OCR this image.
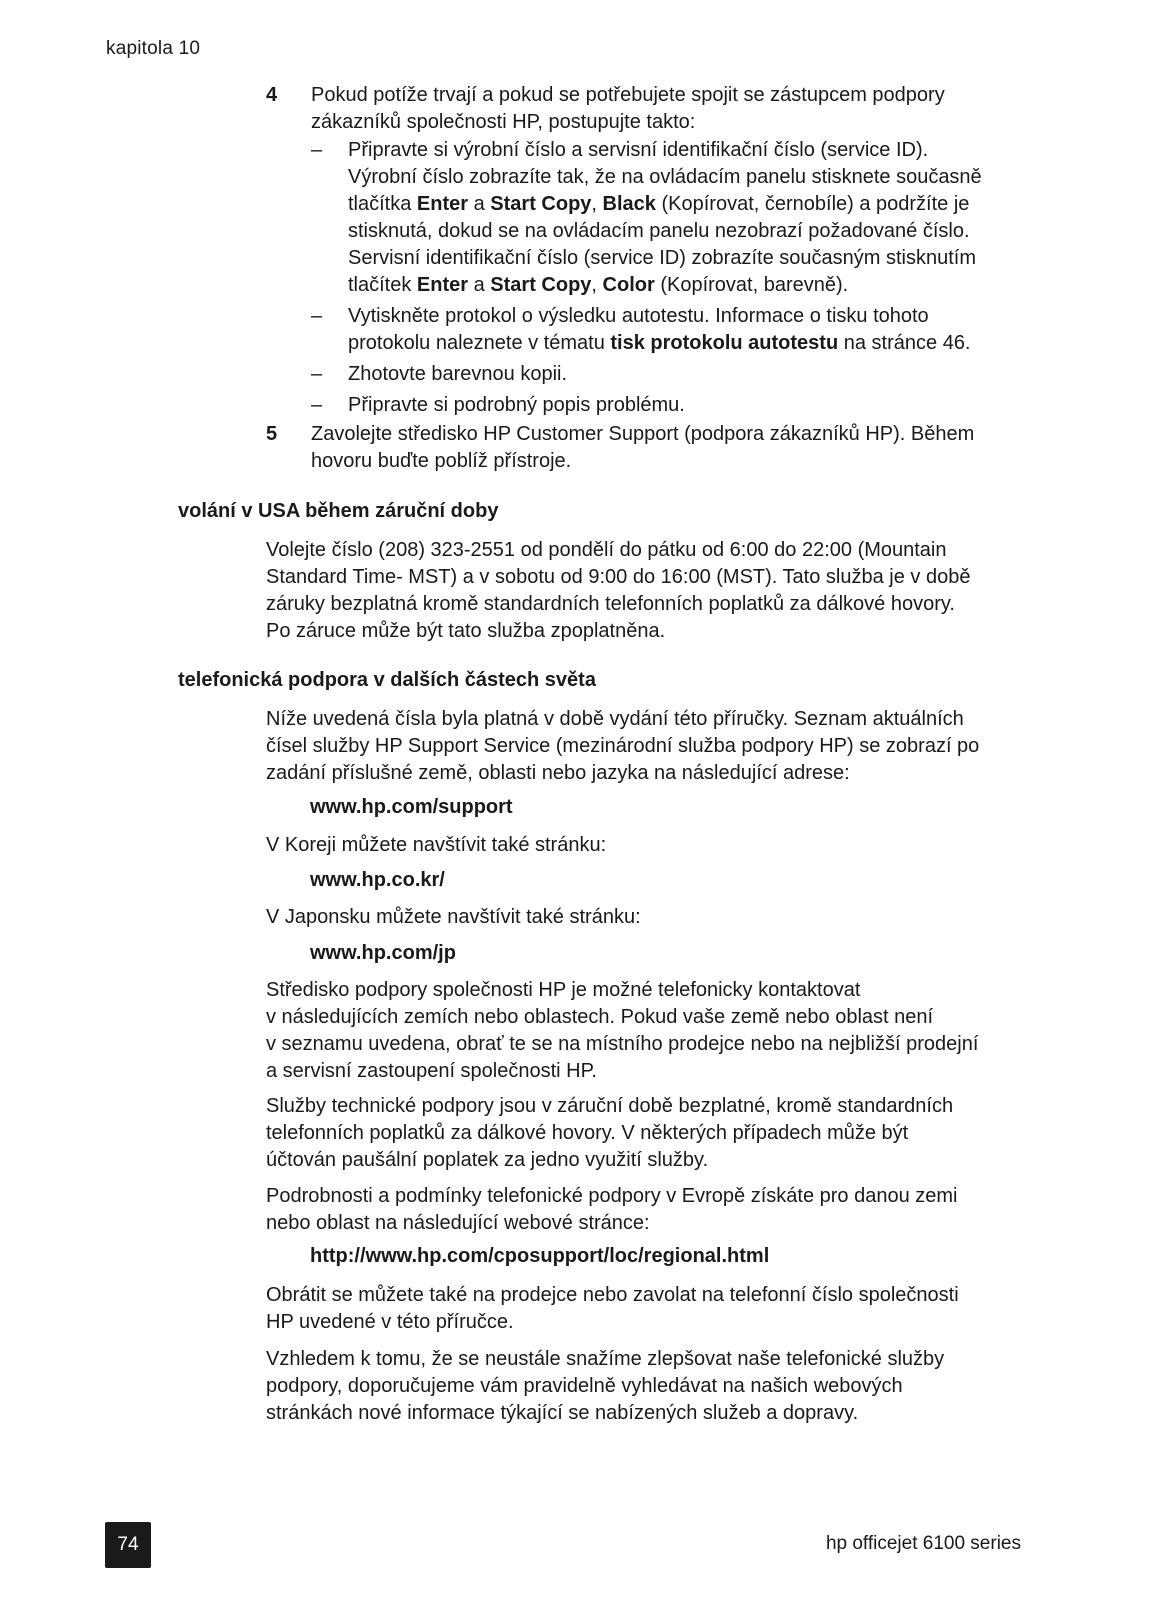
kapitola 10
4 Pokud potíže trvají a pokud se potřebujete spojit se zástupcem podpory
zákazníků společnosti HP, postupujte takto:
– Připravte si výrobní číslo a servisní identifikační číslo (service ID).
Výrobní číslo zobrazíte tak, že na ovládacím panelu stisknete současně
tlačítka Enter a Start Copy, Black (Kopírovat, černobíle) a podržíte je
stisknutá, dokud se na ovládacím panelu nezobrazí požadované číslo.
Servisní identifikační číslo (service ID) zobrazíte současným stisknutím
tlačítek Enter a Start Copy, Color (Kopírovat, barevně).
– Vytiskněte protokol o výsledku autotestu. Informace o tisku tohoto
protokolu naleznete v tématu tisk protokolu autotestu na stránce 46.
– Zhotovte barevnou kopii.
– Připravte si podrobný popis problému.
5 Zavolejte středisko HP Customer Support (podpora zákazníků HP). Během
hovoru buďte poblíž přístroje.
volání v USA během záruční doby
Volejte číslo (208) 323-2551 od pondělí do pátku od 6:00 do 22:00 (Mountain
Standard Time- MST) a v sobotu od 9:00 do 16:00 (MST). Tato služba je v době
záruky bezplatná kromě standardních telefonních poplatků za dálkové hovory.
Po záruce může být tato služba zpoplatněna.
telefonická podpora v dalších částech světa
Níže uvedená čísla byla platná v době vydání této příručky. Seznam aktuálních
čísel služby HP Support Service (mezinárodní služba podpory HP) se zobrazí po
zadání příslušné země, oblasti nebo jazyka na následující adrese:
www.hp.com/support
V Koreji můžete navštívit také stránku:
www.hp.co.kr/
V Japonsku můžete navštívit také stránku:
www.hp.com/jp
Středisko podpory společnosti HP je možné telefonicky kontaktovat
v následujících zemích nebo oblastech. Pokud vaše země nebo oblast není
v seznamu uvedena, obrať te se na místního prodejce nebo na nejbližší prodejní
a servisní zastoupení společnosti HP.
Služby technické podpory jsou v záruční době bezplatné, kromě standardních
telefonních poplatků za dálkové hovory. V některých případech může být
účtován paušální poplatek za jedno využití služby.
Podrobnosti a podmínky telefonické podpory v Evropě získáte pro danou zemi
nebo oblast na následující webové stránce:
http://www.hp.com/cposupport/loc/regional.html
Obrátit se můžete také na prodejce nebo zavolat na telefonní číslo společnosti
HP uvedené v této příručce.
Vzhledem k tomu, že se neustále snažíme zlepšovat naše telefonické služby
podpory, doporučujeme vám pravidelně vyhledávat na našich webových
stránkách nové informace týkající se nabízených služeb a dopravy.
74	hp officejet 6100 series
